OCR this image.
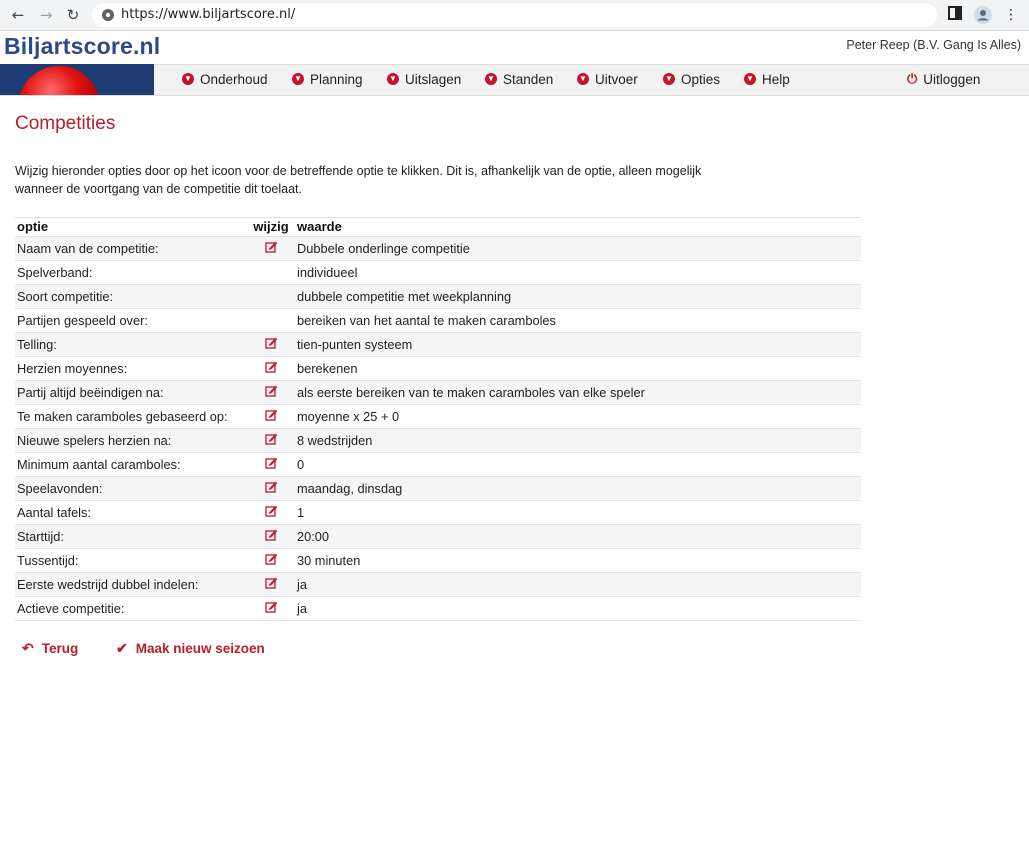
← → ↻	https://www.biljartscore.nl/	⋮
Biljartscore.nl	Peter Reep (B.V. Gang Is Alles)
▼ Onderhoud	▼ Planning	▼ Uitslagen	▼ Standen	▼ Uitvoer	▼ Opties	▼ Help	⏻ Uitloggen
Competities
Wijzig hieronder opties door op het icoon voor de betreffende optie te klikken. Dit is, afhankelijk van de optie, alleen mogelijk wanneer de voortgang van de competitie dit toelaat.
optie	wijzig waarde
Naam van de competitie:	Dubbele onderlinge competitie
Spelverband:	individueel
Soort competitie:	dubbele competitie met weekplanning
Partijen gespeeld over:	bereiken van het aantal te maken caramboles
Telling:	tien-punten systeem
Herzien moyennes:	berekenen
Partij altijd beëindigen na:	als eerste bereiken van te maken caramboles van elke speler
Te maken caramboles gebaseerd op:	moyenne x 25 + 0
Nieuwe spelers herzien na:	8 wedstrijden
Minimum aantal caramboles:	0
Speelavonden:	maandag, dinsdag
Aantal tafels:	1
Starttijd:	20:00
Tussentijd:	30 minuten
Eerste wedstrijd dubbel indelen:	ja
Actieve competitie:	ja
↶ Terug	✔ Maak nieuw seizoen
